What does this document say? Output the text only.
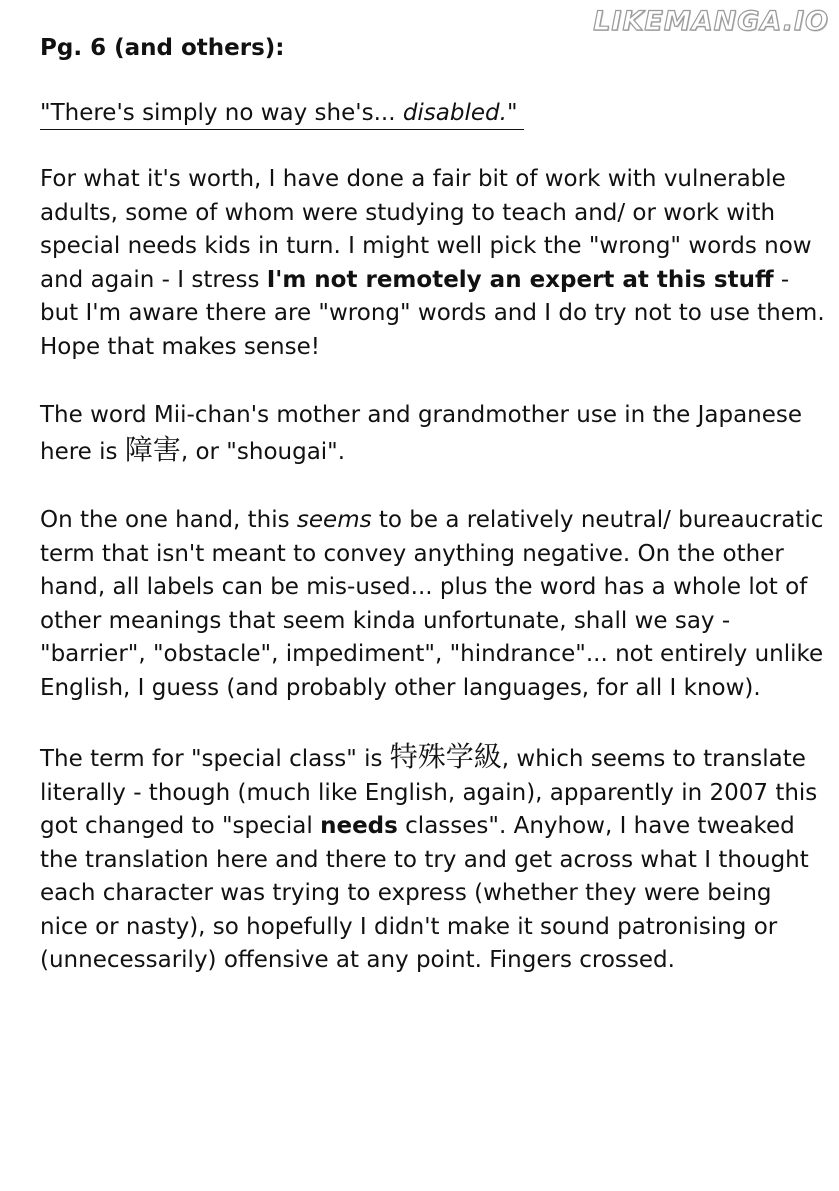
LIKEMANGA.IO
Pg. 6 (and others):
"There's simply no way she's... disabled."
For what it's worth, I have done a fair bit of work with vulnerable adults, some of whom were studying to teach and/ or work with special needs kids in turn. I might well pick the "wrong" words now and again - I stress I'm not remotely an expert at this stuff - but I'm aware there are "wrong" words and I do try not to use them. Hope that makes sense!
The word Mii-chan's mother and grandmother use in the Japanese here is 障害, or "shougai".
On the one hand, this seems to be a relatively neutral/ bureaucratic term that isn't meant to convey anything negative. On the other hand, all labels can be mis-used... plus the word has a whole lot of other meanings that seem kinda unfortunate, shall we say - "barrier", "obstacle", impediment", "hindrance"... not entirely unlike English, I guess (and probably other languages, for all I know).
The term for "special class" is 特殊学級, which seems to translate literally - though (much like English, again), apparently in 2007 this got changed to "special needs classes". Anyhow, I have tweaked the translation here and there to try and get across what I thought each character was trying to express (whether they were being nice or nasty), so hopefully I didn't make it sound patronising or (unnecessarily) offensive at any point. Fingers crossed.
